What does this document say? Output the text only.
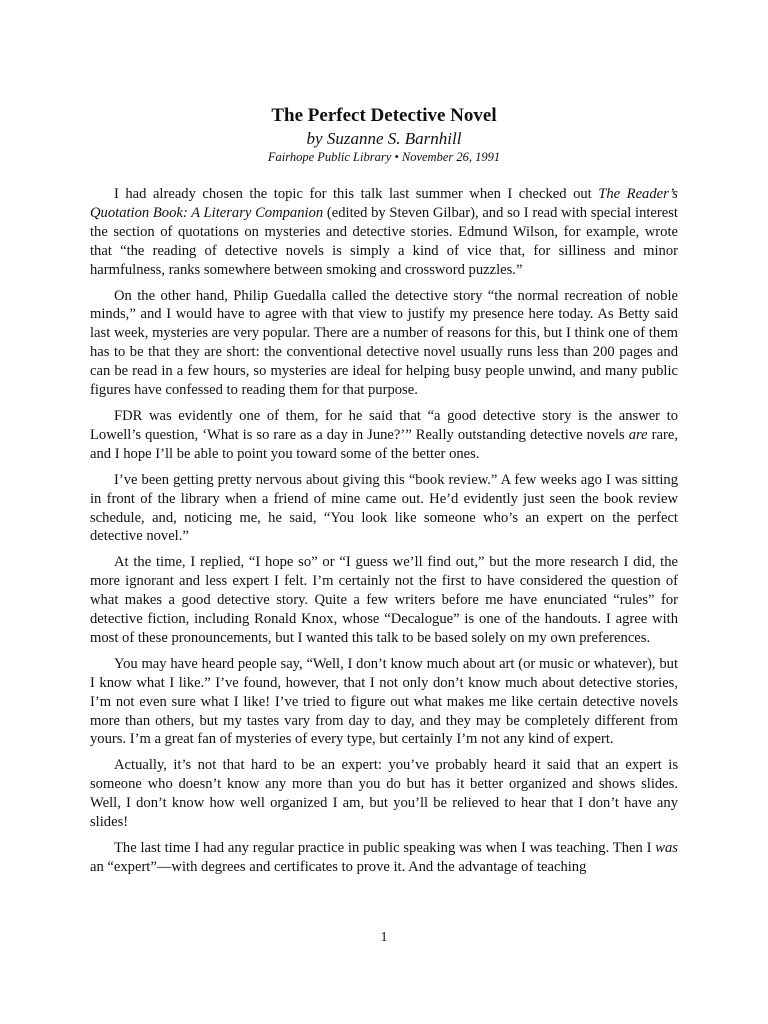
The Perfect Detective Novel

by Suzanne S. Barnhill

Fairhope Public Library • November 26, 1991

I had already chosen the topic for this talk last summer when I checked out The Reader’s Quotation Book: A Literary Companion (edited by Steven Gilbar), and so I read with special interest the section of quotations on mysteries and detective stories. Edmund Wilson, for example, wrote that “the reading of detective novels is simply a kind of vice that, for silliness and minor harmfulness, ranks somewhere between smoking and crossword puzzles.”

On the other hand, Philip Guedalla called the detective story “the normal recreation of noble minds,” and I would have to agree with that view to justify my presence here today. As Betty said last week, mysteries are very popular. There are a number of reasons for this, but I think one of them has to be that they are short: the conventional detective novel usually runs less than 200 pages and can be read in a few hours, so mysteries are ideal for helping busy people unwind, and many public figures have confessed to reading them for that purpose.

FDR was evidently one of them, for he said that “a good detective story is the answer to Lowell’s question, ‘What is so rare as a day in June?’” Really outstanding detective novels are rare, and I hope I’ll be able to point you toward some of the better ones.

I’ve been getting pretty nervous about giving this “book review.” A few weeks ago I was sitting in front of the library when a friend of mine came out. He’d evidently just seen the book review schedule, and, noticing me, he said, “You look like someone who’s an expert on the perfect detective novel.”

At the time, I replied, “I hope so” or “I guess we’ll find out,” but the more research I did, the more ignorant and less expert I felt. I’m certainly not the first to have considered the question of what makes a good detective story. Quite a few writers before me have enunciated “rules” for detective fiction, including Ronald Knox, whose “Decalogue” is one of the handouts. I agree with most of these pronouncements, but I wanted this talk to be based solely on my own preferences.

You may have heard people say, “Well, I don’t know much about art (or music or whatever), but I know what I like.” I’ve found, however, that I not only don’t know much about detective stories, I’m not even sure what I like! I’ve tried to figure out what makes me like certain detective novels more than others, but my tastes vary from day to day, and they may be completely different from yours. I’m a great fan of mysteries of every type, but certainly I’m not any kind of expert.

Actually, it’s not that hard to be an expert: you’ve probably heard it said that an expert is someone who doesn’t know any more than you do but has it better organized and shows slides. Well, I don’t know how well organized I am, but you’ll be relieved to hear that I don’t have any slides!

The last time I had any regular practice in public speaking was when I was teaching. Then I was an “expert”—with degrees and certificates to prove it. And the advantage of teaching

1
